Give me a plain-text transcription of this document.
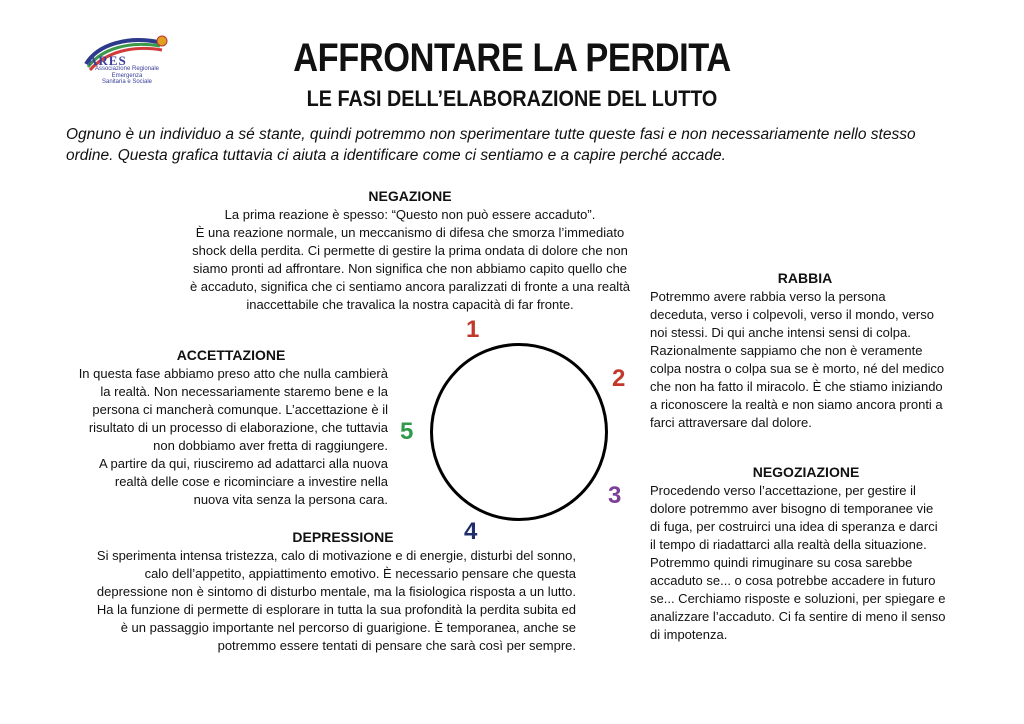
ARES
Associazione Regionale
Emergenza
Sanitaria e Sociale
AFFRONTARE LA PERDITA
LE FASI DELL’ELABORAZIONE DEL LUTTO
Ognuno è un individuo a sé stante, quindi potremmo non sperimentare tutte queste fasi e non necessariamente nello stesso ordine. Questa grafica tuttavia ci aiuta a identificare come ci sentiamo e a capire perché accade.
NEGAZIONE
La prima reazione è spesso: “Questo non può essere accaduto”.
È una reazione normale, un meccanismo di difesa che smorza l’immediato
shock della perdita. Ci permette di gestire la prima ondata di dolore che non
siamo pronti ad affrontare. Non significa che non abbiamo capito quello che
è accaduto, significa che ci sentiamo ancora paralizzati di fronte a una realtà
inaccettabile che travalica la nostra capacità di far fronte.
RABBIA
Potremmo avere rabbia verso la persona
deceduta, verso i colpevoli, verso il mondo, verso
noi stessi. Di qui anche intensi sensi di colpa.
Razionalmente sappiamo che non è veramente
colpa nostra o colpa sua se è morto, né del medico
che non ha fatto il miracolo. È che stiamo iniziando
a riconoscere la realtà e non siamo ancora pronti a
farci attraversare dal dolore.
ACCETTAZIONE
In questa fase abbiamo preso atto che nulla cambierà
la realtà. Non necessariamente staremo bene e la
persona ci mancherà comunque. L’accettazione è il
risultato di un processo di elaborazione, che tuttavia
non dobbiamo aver fretta di raggiungere.
A partire da qui, riusciremo ad adattarci alla nuova
realtà delle cose e ricominciare a investire nella
nuova vita senza la persona cara.
NEGOZIAZIONE
Procedendo verso l’accettazione, per gestire il
dolore potremmo aver bisogno di temporanee vie
di fuga, per costruirci una idea di speranza e darci
il tempo di riadattarci alla realtà della situazione.
Potremmo quindi rimuginare su cosa sarebbe
accaduto se... o cosa potrebbe accadere in futuro
se... Cerchiamo risposte e soluzioni, per spiegare e
analizzare l’accaduto. Ci fa sentire di meno il senso
di impotenza.
DEPRESSIONE
Si sperimenta intensa tristezza, calo di motivazione e di energie, disturbi del sonno,
calo dell’appetito, appiattimento emotivo. È necessario pensare che questa
depressione non è sintomo di disturbo mentale, ma la fisiologica risposta a un lutto.
Ha la funzione di permette di esplorare in tutta la sua profondità la perdita subita ed
è un passaggio importante nel percorso di guarigione. È temporanea, anche se
potremmo essere tentati di pensare che sarà così per sempre.
1
2
3
4
5
